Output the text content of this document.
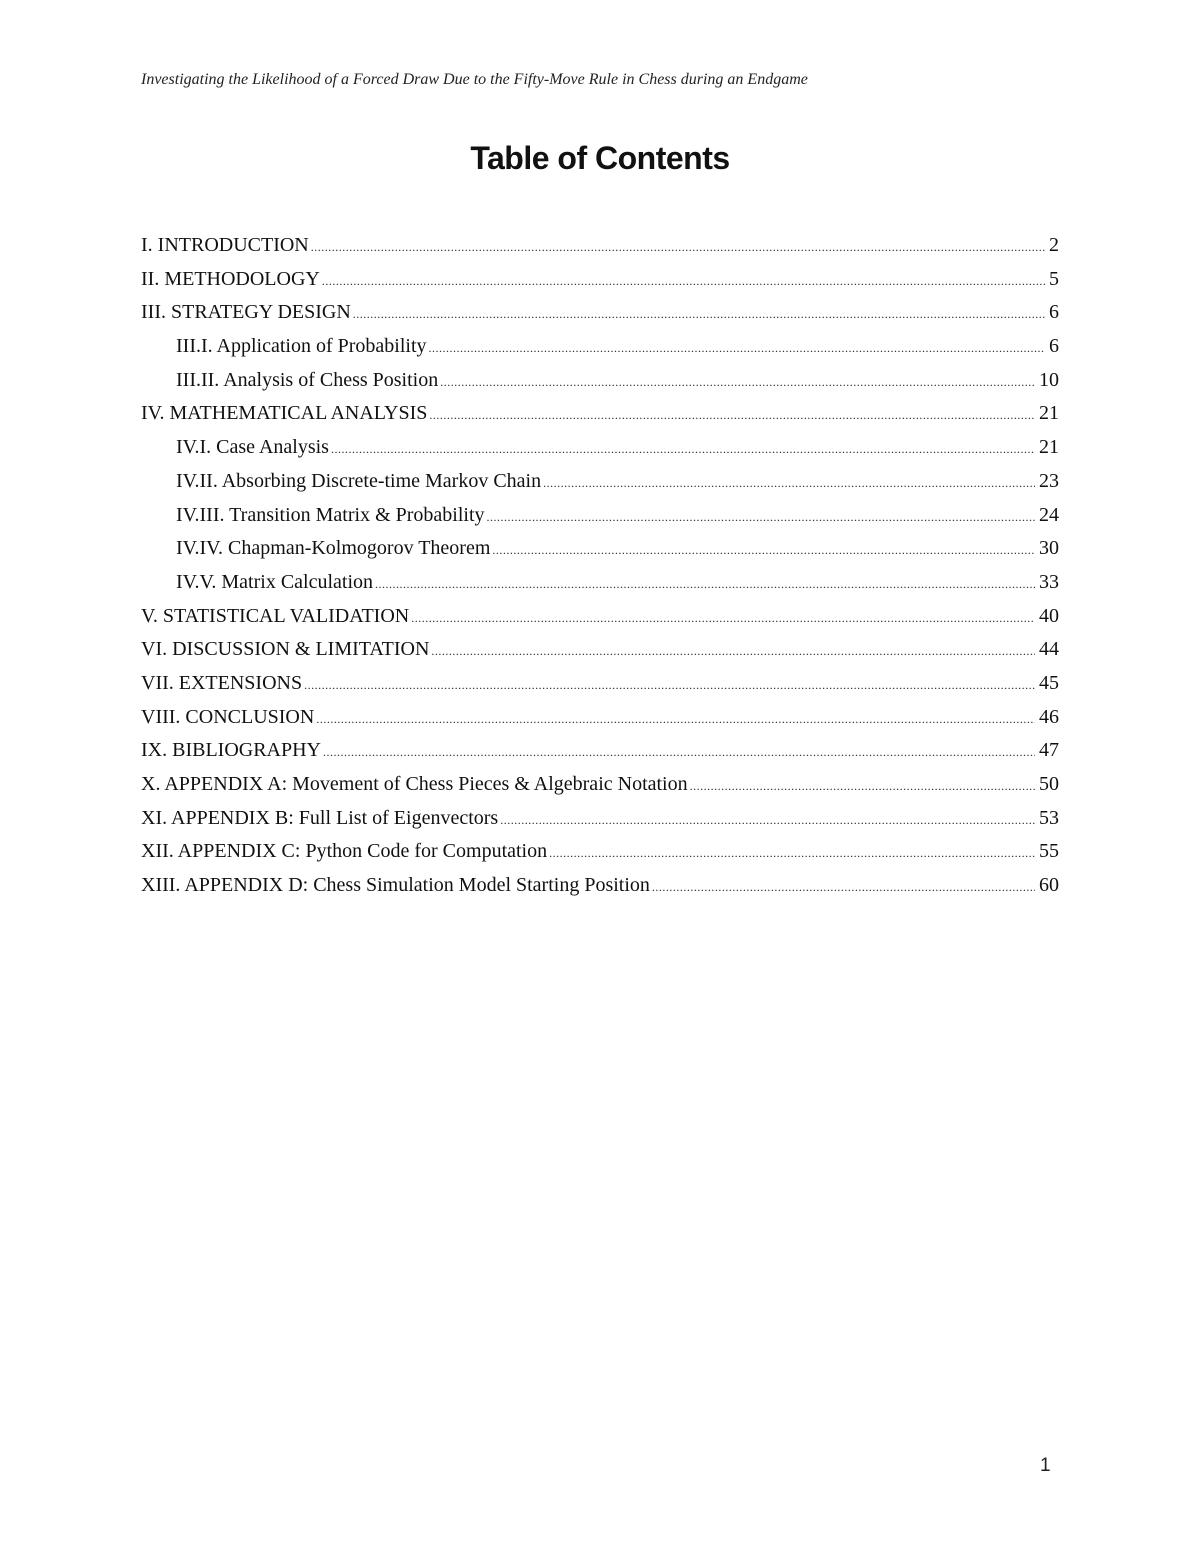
Investigating the Likelihood of a Forced Draw Due to the Fifty-Move Rule in Chess during an Endgame
Table of Contents
I. INTRODUCTION .....	2
II. METHODOLOGY .....	5
III. STRATEGY DESIGN .....	6
III.I. Application of Probability .....	6
III.II. Analysis of Chess Position .....	10
IV. MATHEMATICAL ANALYSIS .....	21
IV.I. Case Analysis .....	21
IV.II. Absorbing Discrete-time Markov Chain .....	23
IV.III. Transition Matrix & Probability .....	24
IV.IV. Chapman-Kolmogorov Theorem .....	30
IV.V. Matrix Calculation .....	33
V. STATISTICAL VALIDATION .....	40
VI. DISCUSSION & LIMITATION .....	44
VII. EXTENSIONS .....	45
VIII. CONCLUSION .....	46
IX. BIBLIOGRAPHY .....	47
X. APPENDIX A: Movement of Chess Pieces & Algebraic Notation .....	50
XI. APPENDIX B: Full List of Eigenvectors .....	53
XII. APPENDIX C: Python Code for Computation .....	55
XIII. APPENDIX D: Chess Simulation Model Starting Position .....	60
1
